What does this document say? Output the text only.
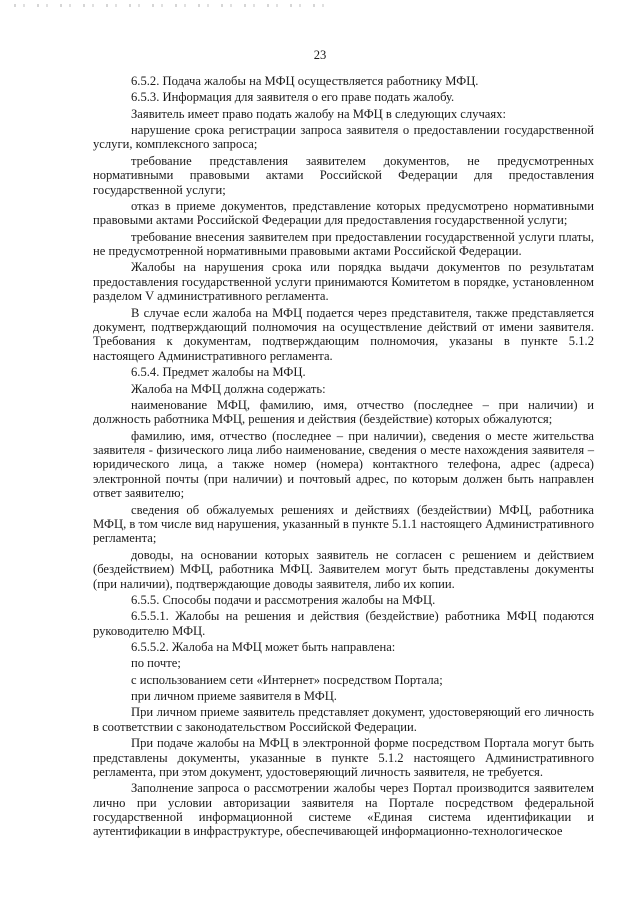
23

6.5.2. Подача жалобы на МФЦ осуществляется работнику МФЦ.

6.5.3. Информация для заявителя о его праве подать жалобу.

Заявитель имеет право подать жалобу на МФЦ в следующих случаях:

нарушение срока регистрации запроса заявителя о предоставлении государственной услуги, комплексного запроса;

требование представления заявителем документов, не предусмотренных нормативными правовыми актами Российской Федерации для предоставления государственной услуги;

отказ в приеме документов, представление которых предусмотрено нормативными правовыми актами Российской Федерации для предоставления государственной услуги;

требование внесения заявителем при предоставлении государственной услуги платы, не предусмотренной нормативными правовыми актами Российской Федерации.

Жалобы на нарушения срока или порядка выдачи документов по результатам предоставления государственной услуги принимаются Комитетом в порядке, установленном разделом V административного регламента.

В случае если жалоба на МФЦ подается через представителя, также представляется документ, подтверждающий полномочия на осуществление действий от имени заявителя. Требования к документам, подтверждающим полномочия, указаны в пункте 5.1.2 настоящего Административного регламента.

6.5.4. Предмет жалобы на МФЦ.

Жалоба на МФЦ должна содержать:

наименование МФЦ, фамилию, имя, отчество (последнее – при наличии) и должность работника МФЦ, решения и действия (бездействие) которых обжалуются;

фамилию, имя, отчество (последнее – при наличии), сведения о месте жительства заявителя - физического лица либо наименование, сведения о месте нахождения заявителя – юридического лица, а также номер (номера) контактного телефона, адрес (адреса) электронной почты (при наличии) и почтовый адрес, по которым должен быть направлен ответ заявителю;

сведения об обжалуемых решениях и действиях (бездействии) МФЦ, работника МФЦ, в том числе вид нарушения, указанный в пункте 5.1.1 настоящего Административного регламента;

доводы, на основании которых заявитель не согласен с решением и действием (бездействием) МФЦ, работника МФЦ. Заявителем могут быть представлены документы (при наличии), подтверждающие доводы заявителя, либо их копии.

6.5.5. Способы подачи и рассмотрения жалобы на МФЦ.

6.5.5.1. Жалобы на решения и действия (бездействие) работника МФЦ подаются руководителю МФЦ.

6.5.5.2. Жалоба на МФЦ может быть направлена:

по почте;

с использованием сети «Интернет» посредством Портала;

при личном приеме заявителя в МФЦ.

При личном приеме заявитель представляет документ, удостоверяющий его личность в соответствии с законодательством Российской Федерации.

При подаче жалобы на МФЦ в электронной форме посредством Портала могут быть представлены документы, указанные в пункте 5.1.2 настоящего Административного регламента, при этом документ, удостоверяющий личность заявителя, не требуется.

Заполнение запроса о рассмотрении жалобы через Портал производится заявителем лично при условии авторизации заявителя на Портале посредством федеральной государственной информационной системе «Единая система идентификации и аутентификации в инфраструктуре, обеспечивающей информационно-технологическое
